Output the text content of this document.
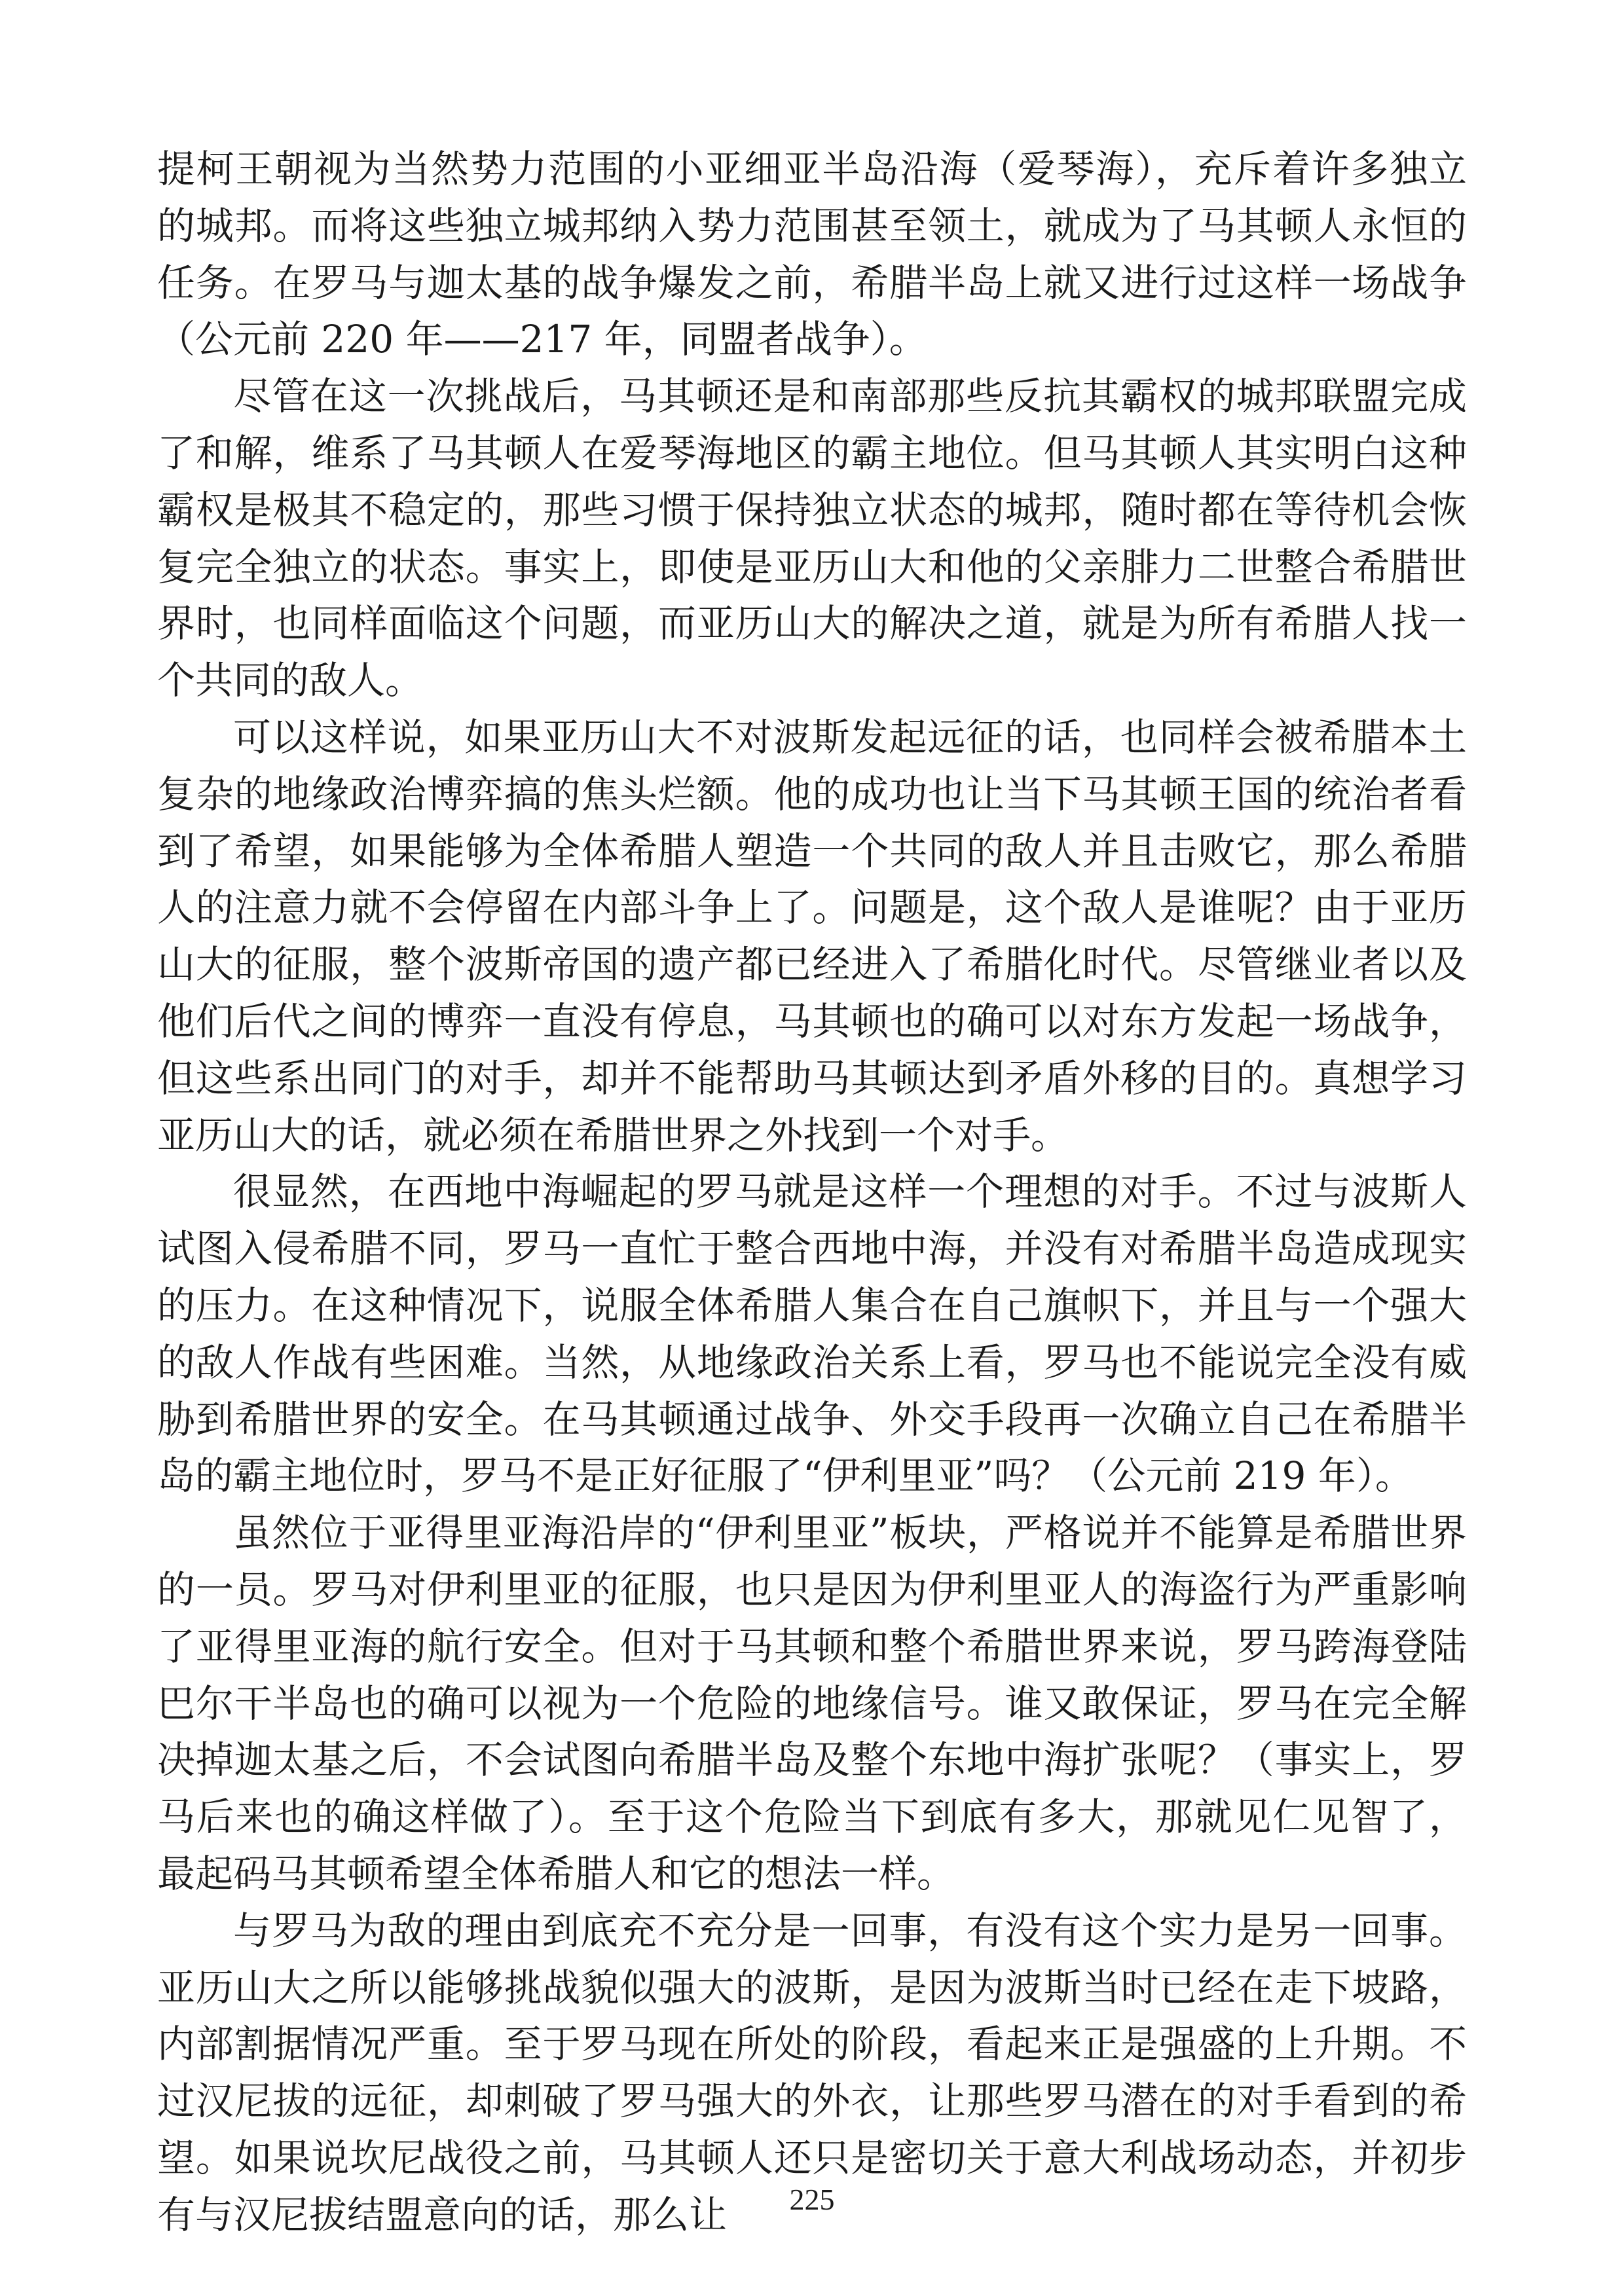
提柯王朝视为当然势力范围的小亚细亚半岛沿海（爱琴海），充斥着许多独立的城邦。而将这些独立城邦纳入势力范围甚至领土，就成为了马其顿人永恒的任务。在罗马与迦太基的战争爆发之前，希腊半岛上就又进行过这样一场战争（公元前 220 年——217 年，同盟者战争）。

尽管在这一次挑战后，马其顿还是和南部那些反抗其霸权的城邦联盟完成了和解，维系了马其顿人在爱琴海地区的霸主地位。但马其顿人其实明白这种霸权是极其不稳定的，那些习惯于保持独立状态的城邦，随时都在等待机会恢复完全独立的状态。事实上，即使是亚历山大和他的父亲腓力二世整合希腊世界时，也同样面临这个问题，而亚历山大的解决之道，就是为所有希腊人找一个共同的敌人。

可以这样说，如果亚历山大不对波斯发起远征的话，也同样会被希腊本土复杂的地缘政治博弈搞的焦头烂额。他的成功也让当下马其顿王国的统治者看到了希望，如果能够为全体希腊人塑造一个共同的敌人并且击败它，那么希腊人的注意力就不会停留在内部斗争上了。问题是，这个敌人是谁呢？由于亚历山大的征服，整个波斯帝国的遗产都已经进入了希腊化时代。尽管继业者以及他们后代之间的博弈一直没有停息，马其顿也的确可以对东方发起一场战争，但这些系出同门的对手，却并不能帮助马其顿达到矛盾外移的目的。真想学习亚历山大的话，就必须在希腊世界之外找到一个对手。

很显然，在西地中海崛起的罗马就是这样一个理想的对手。不过与波斯人试图入侵希腊不同，罗马一直忙于整合西地中海，并没有对希腊半岛造成现实的压力。在这种情况下，说服全体希腊人集合在自己旗帜下，并且与一个强大的敌人作战有些困难。当然，从地缘政治关系上看，罗马也不能说完全没有威胁到希腊世界的安全。在马其顿通过战争、外交手段再一次确立自己在希腊半岛的霸主地位时，罗马不是正好征服了“伊利里亚”吗？（公元前 219 年）。

虽然位于亚得里亚海沿岸的“伊利里亚”板块，严格说并不能算是希腊世界的一员。罗马对伊利里亚的征服，也只是因为伊利里亚人的海盗行为严重影响了亚得里亚海的航行安全。但对于马其顿和整个希腊世界来说，罗马跨海登陆巴尔干半岛也的确可以视为一个危险的地缘信号。谁又敢保证，罗马在完全解决掉迦太基之后，不会试图向希腊半岛及整个东地中海扩张呢？（事实上，罗马后来也的确这样做了）。至于这个危险当下到底有多大，那就见仁见智了，最起码马其顿希望全体希腊人和它的想法一样。

与罗马为敌的理由到底充不充分是一回事，有没有这个实力是另一回事。亚历山大之所以能够挑战貌似强大的波斯，是因为波斯当时已经在走下坡路，内部割据情况严重。至于罗马现在所处的阶段，看起来正是强盛的上升期。不过汉尼拔的远征，却刺破了罗马强大的外衣，让那些罗马潜在的对手看到的希望。如果说坎尼战役之前，马其顿人还只是密切关于意大利战场动态，并初步有与汉尼拔结盟意向的话，那么让	225
